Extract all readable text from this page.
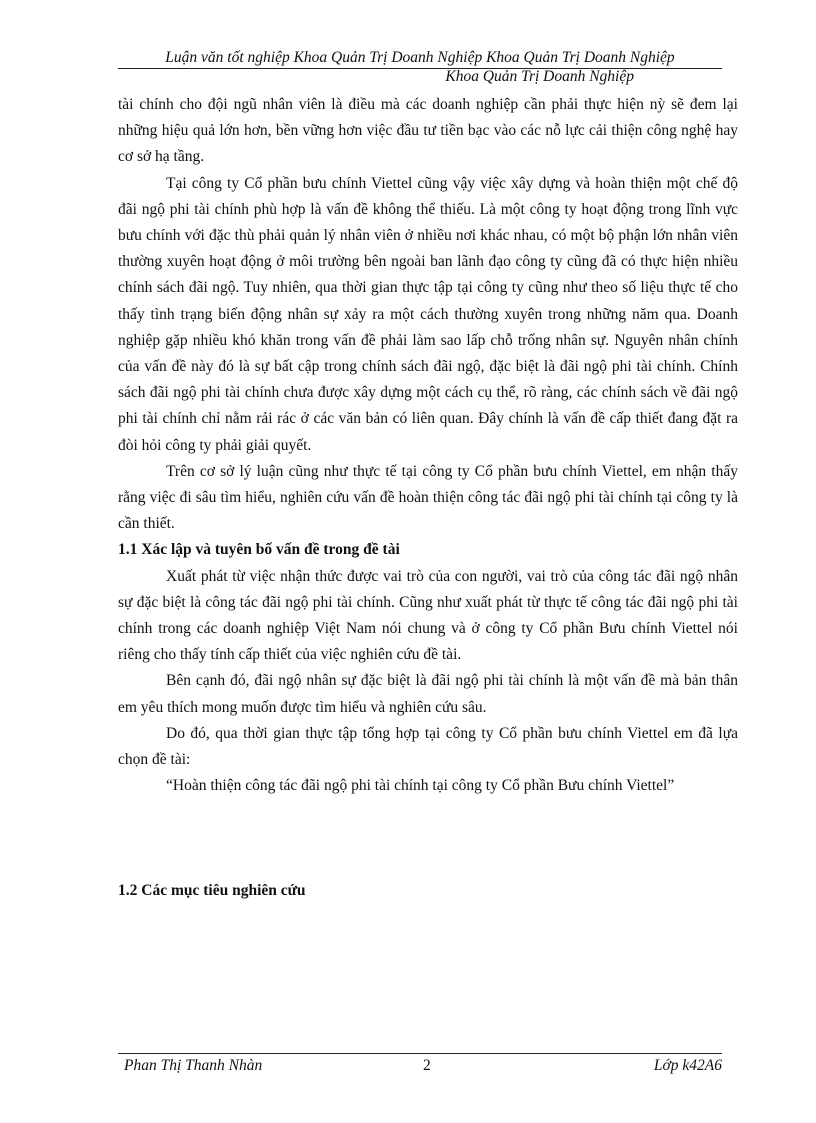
Luận văn tốt nghiệp Khoa Quản Trị Doanh Nghiệp Khoa Quản Trị Doanh Nghiệp
Khoa Quản Trị Doanh Nghiệp

tài chính cho đội ngũ nhân viên là điều mà các doanh nghiệp cần phải thực hiện nỳ sẽ đem lại những hiệu quả lớn hơn, bền vững hơn việc đầu tư tiền bạc vào các nỗ lực cải thiện công nghệ hay cơ sở hạ tầng.

Tại công ty Cổ phần bưu chính Viettel cũng vậy việc xây dựng và hoàn thiện một chế độ đãi ngộ phi tài chính phù hợp là vấn đề không thể thiếu. Là một công ty hoạt động trong lĩnh vực bưu chính với đặc thù phải quản lý nhân viên ở nhiều nơi khác nhau, có một bộ phận lớn nhân viên thường xuyên hoạt động ở môi trường bên ngoài ban lãnh đạo công ty cũng đã có thực hiện nhiều chính sách đãi ngộ. Tuy nhiên, qua thời gian thực tập tại công ty cũng như theo số liệu thực tế cho thấy tình trạng biến động nhân sự xảy ra một cách thường xuyên trong những năm qua. Doanh nghiệp gặp nhiều khó khăn trong vấn đề phải làm sao lấp chỗ trống nhân sự. Nguyên nhân chính của vấn đề này đó là sự bất cập trong chính sách đãi ngộ, đặc biệt là đãi ngộ phi tài chính. Chính sách đãi ngộ phi tài chính chưa được xây dựng một cách cụ thể, rõ ràng, các chính sách về đãi ngộ phi tài chính chỉ nằm rải rác ở các văn bản có liên quan. Đây chính là vấn đề cấp thiết đang đặt ra đòi hỏi công ty phải giải quyết.

Trên cơ sở lý luận cũng như thực tế tại công ty Cổ phần bưu chính Viettel, em nhận thấy rằng việc đi sâu tìm hiểu, nghiên cứu vấn đề hoàn thiện công tác đãi ngộ phi tài chính tại công ty là cần thiết.

1.1 Xác lập và tuyên bố vấn đề trong đề tài

Xuất phát từ việc nhận thức được vai trò của con người, vai trò của công tác đãi ngộ nhân sự đặc biệt là công tác đãi ngộ phi tài chính. Cũng như xuất phát từ thực tế công tác đãi ngộ phi tài chính trong các doanh nghiệp Việt Nam nói chung và ở công ty Cổ phần Bưu chính Viettel nói riêng cho thấy tính cấp thiết của việc nghiên cứu đề tài.

Bên cạnh đó, đãi ngộ nhân sự đặc biệt là đãi ngộ phi tài chính là một vấn đề mà bản thân em yêu thích mong muốn được tìm hiểu và nghiên cứu sâu.

Do đó, qua thời gian thực tập tổng hợp tại công ty Cổ phần bưu chính Viettel em đã lựa chọn đề tài:

“Hoàn thiện công tác đãi ngộ phi tài chính tại công ty Cổ phần Bưu chính Viettel”

1.2 Các mục tiêu nghiên cứu
Phan Thị Thanh Nhàn	2	Lớp k42A6
